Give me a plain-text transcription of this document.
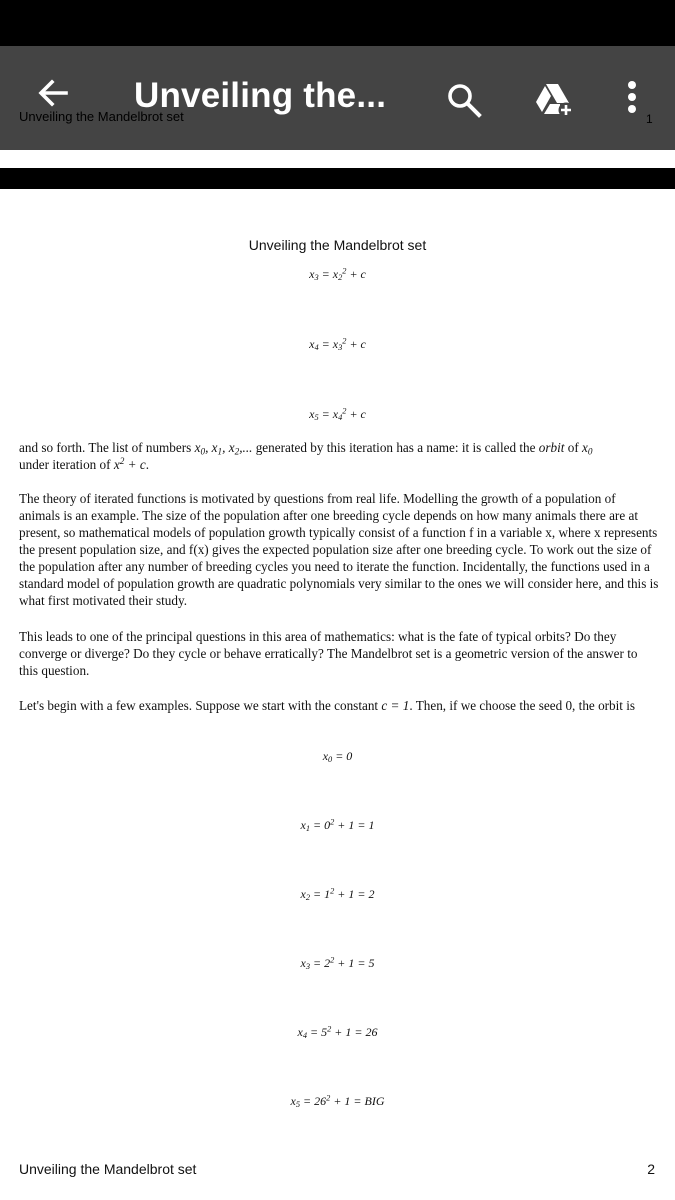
Unveiling the Mandelbrot set	1
Unveiling the...
Unveiling the Mandelbrot set
$x_3 = x_2^2 + c$
$x_4 = x_3^2 + c$
$x_5 = x_4^2 + c$

and so forth. The list of numbers $x_0$, $x_1$, $x_2$,... generated by this iteration has a name: it is called the orbit of $x_0$
under iteration of $x^2 + c$.

The theory of iterated functions is motivated by questions from real life. Modelling the growth of a population of animals is an example. The size of the population after one breeding cycle depends on how many animals there are at present, so mathematical models of population growth typically consist of a function f in a variable x, where x represents the present population size, and f(x) gives the expected population size after one breeding cycle. To work out the size of the population after any number of breeding cycles you need to iterate the function. Incidentally, the functions used in a standard model of population growth are quadratic polynomials very similar to the ones we will consider here, and this is what first motivated their study.

This leads to one of the principal questions in this area of mathematics: what is the fate of typical orbits? Do they converge or diverge? Do they cycle or behave erratically? The Mandelbrot set is a geometric version of the answer to this question.

Let's begin with a few examples. Suppose we start with the constant c = 1. Then, if we choose the seed 0, the orbit is

$x_0 = 0$
$x_1 = 0^2 + 1 = 1$
$x_2 = 1^2 + 1 = 2$
$x_3 = 2^2 + 1 = 5$
$x_4 = 5^2 + 1 = 26$
$x_5 = 26^2 + 1$ = BIG
Unveiling the Mandelbrot set	2
